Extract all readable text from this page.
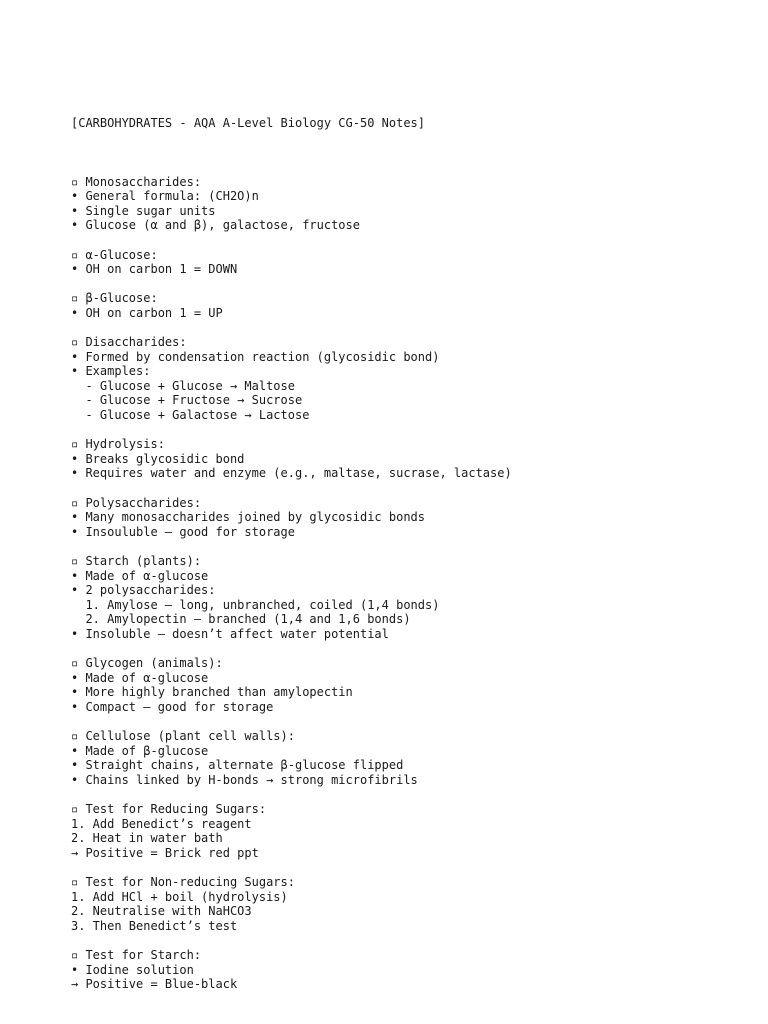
[CARBOHYDRATES - AQA A-Level Biology CG-50 Notes]

▫ Monosaccharides:
• General formula: (CH2O)n
• Single sugar units
• Glucose (α and β), galactose, fructose
▫ α-Glucose:
• OH on carbon 1 = DOWN
▫ β-Glucose:
• OH on carbon 1 = UP
▫ Disaccharides:
• Formed by condensation reaction (glycosidic bond)
• Examples:
- Glucose + Glucose → Maltose
- Glucose + Fructose → Sucrose
- Glucose + Galactose → Lactose
▫ Hydrolysis:
• Breaks glycosidic bond
• Requires water and enzyme (e.g., maltase, sucrase, lactase)
▫ Polysaccharides:
• Many monosaccharides joined by glycosidic bonds
• Insouluble – good for storage
▫ Starch (plants):
• Made of α-glucose
• 2 polysaccharides:
1. Amylose – long, unbranched, coiled (1,4 bonds)
2. Amylopectin – branched (1,4 and 1,6 bonds)
• Insoluble – doesn’t affect water potential
▫ Glycogen (animals):
• Made of α-glucose
• More highly branched than amylopectin
• Compact – good for storage
▫ Cellulose (plant cell walls):
• Made of β-glucose
• Straight chains, alternate β-glucose flipped
• Chains linked by H-bonds → strong microfibrils
▫ Test for Reducing Sugars:
1. Add Benedict’s reagent
2. Heat in water bath
→ Positive = Brick red ppt
▫ Test for Non-reducing Sugars:
1. Add HCl + boil (hydrolysis)
2. Neutralise with NaHCO3
3. Then Benedict’s test
▫ Test for Starch:
• Iodine solution
→ Positive = Blue-black
